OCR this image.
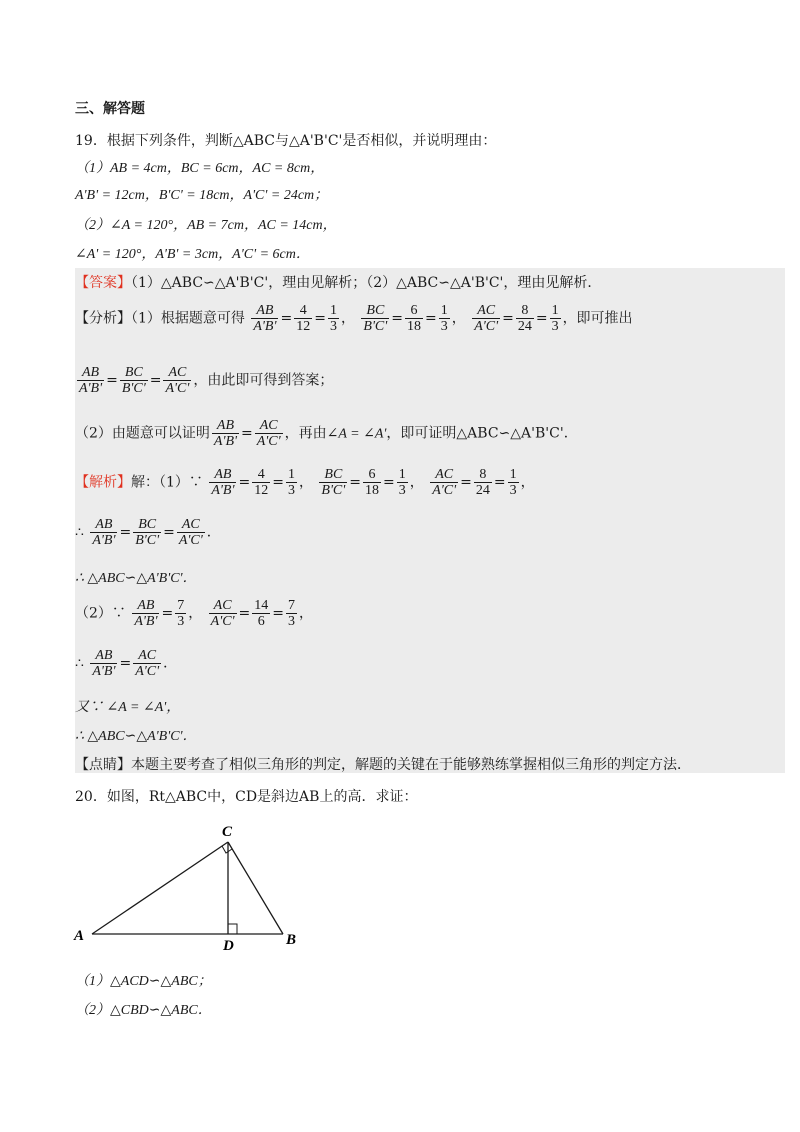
三、解答题
19．根据下列条件，判断△ABC与△A'B'C'是否相似，并说明理由：
（1）AB = 4cm，BC = 6cm，AC = 8cm，
A'B' = 12cm，B'C' = 18cm，A'C' = 24cm；
（2）∠A = 120°，AB = 7cm，AC = 14cm，
∠A' = 120°，A'B' = 3cm，A'C' = 6cm．
【答案】（1）△ABC∽△A'B'C'，理由见解析；（2）△ABC∽△A'B'C'，理由见解析．
【分析】（1）根据题意可得 $\frac{AB}{A'B'} = \frac{4}{12} = \frac{1}{3}$ ， $\frac{BC}{B'C'} = \frac{6}{18} = \frac{1}{3}$ ， $\frac{AC}{A'C'} = \frac{8}{24} = \frac{1}{3}$ ，即可推出
$\frac{AB}{A'B'} = \frac{BC}{B'C'} = \frac{AC}{A'C'}$ ，由此即可得到答案；
（2）由题意可以证明 $\frac{AB}{A'B'} = \frac{AC}{A'C'}$ ，再由∠A = ∠A'，即可证明△ABC∽△A'B'C'．
【解析】解：（1）∵ $\frac{AB}{A'B'} = \frac{4}{12} = \frac{1}{3}$ ， $\frac{BC}{B'C'} = \frac{6}{18} = \frac{1}{3}$ ， $\frac{AC}{A'C'} = \frac{8}{24} = \frac{1}{3}$ ，
∴ $\frac{AB}{A'B'} = \frac{BC}{B'C'} = \frac{AC}{A'C'}$ ．
∴ △ABC∽△A'B'C'．
（2）∵ $\frac{AB}{A'B'} = \frac{7}{3}$ ， $\frac{AC}{A'C'} = \frac{14}{6} = \frac{7}{3}$ ，
∴ $\frac{AB}{A'B'} = \frac{AC}{A'C'}$ ．
又∵ ∠A = ∠A'，
∴ △ABC∽△A'B'C'．
【点睛】本题主要考查了相似三角形的判定，解题的关键在于能够熟练掌握相似三角形的判定方法．
20．如图，Rt△ABC中，CD是斜边AB上的高．求证：
C
A	B
D
（1）△ACD∽△ABC；
（2）△CBD∽△ABC．
